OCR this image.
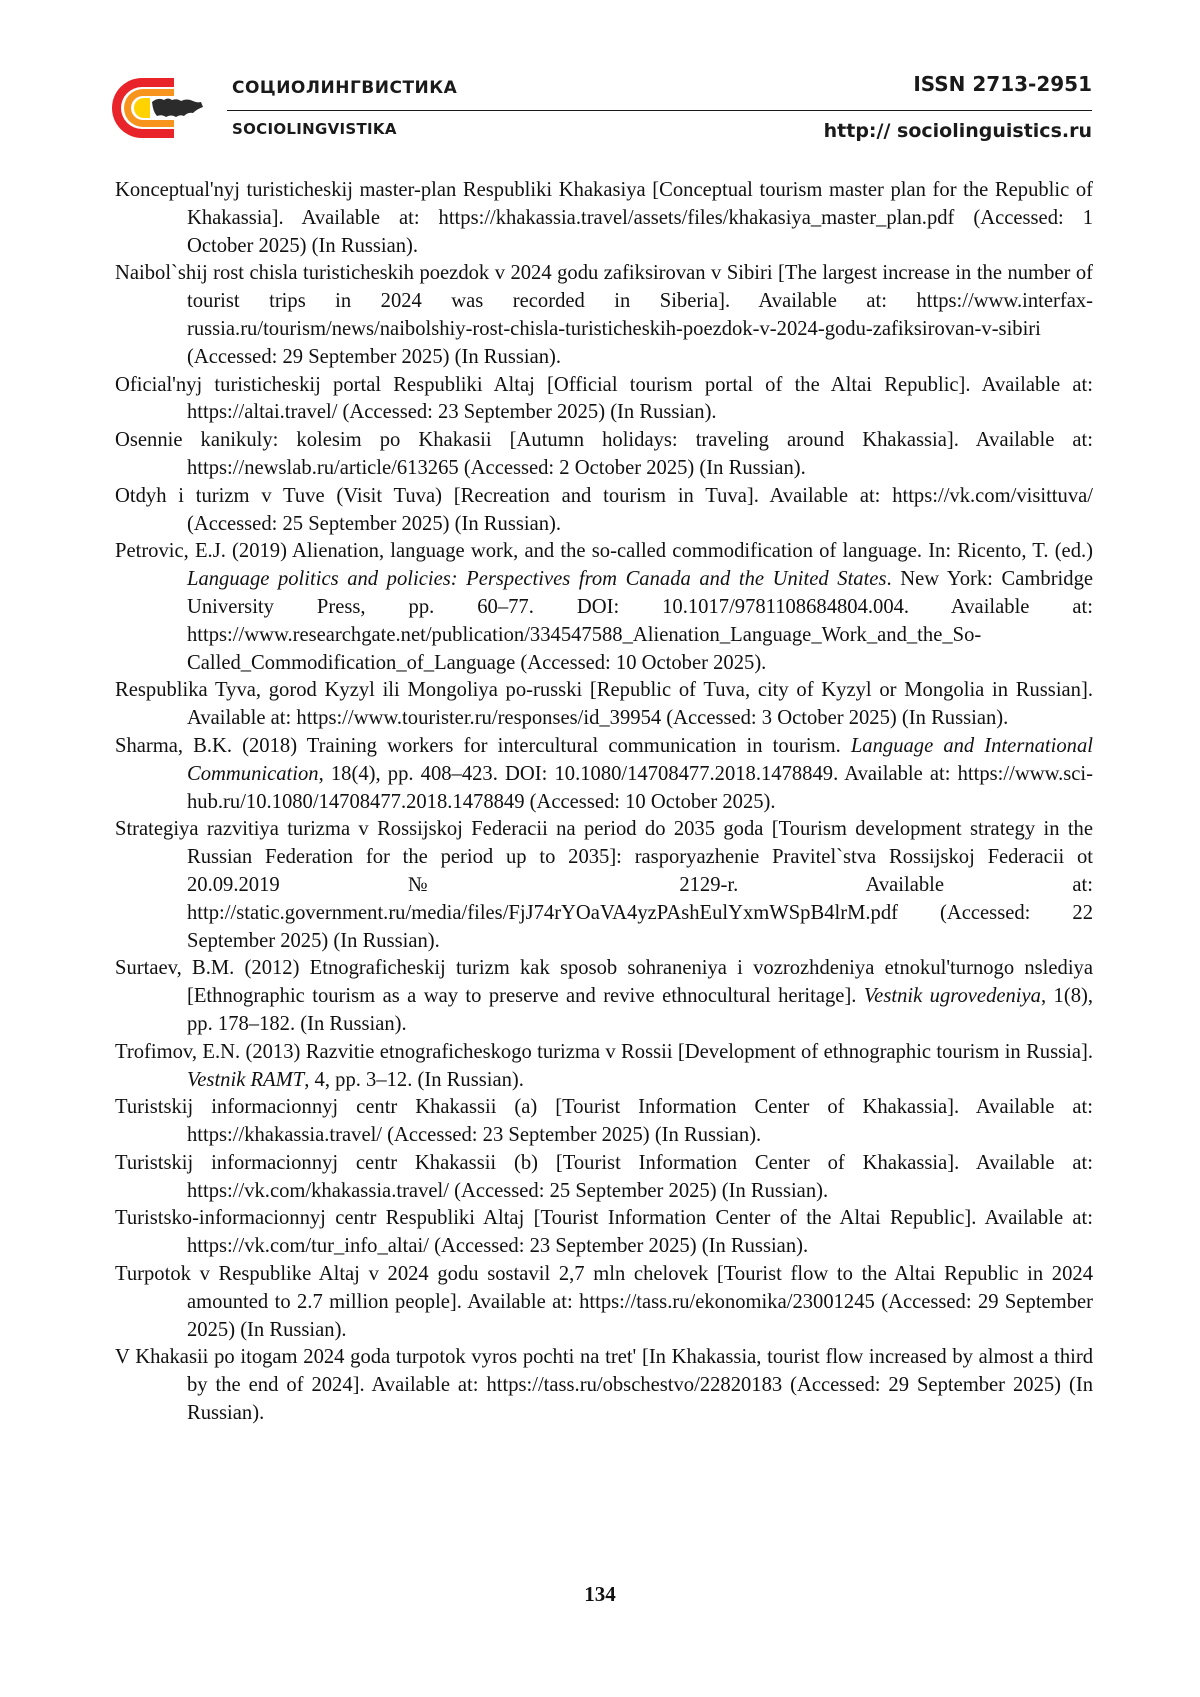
СОЦИОЛИНГВИСТИКА
SOCIOLINGVISTIKA
ISSN 2713-2951
http:// sociolinguistics.ru

Konceptual'nyj turisticheskij master-plan Respubliki Khakasiya [Conceptual tourism master plan for the Republic of Khakassia]. Available at: https://khakassia.travel/assets/files/khakasiya_master_plan.pdf (Accessed: 1 October 2025) (In Russian).

Naibol`shij rost chisla turisticheskih poezdok v 2024 godu zafiksirovan v Sibiri [The largest increase in the number of tourist trips in 2024 was recorded in Siberia]. Available at: https://www.interfax-russia.ru/tourism/news/naibolshiy-rost-chisla-turisticheskih-poezdok-v-2024-godu-zafiksirovan-v-sibiri (Accessed: 29 September 2025) (In Russian).

Oficial'nyj turisticheskij portal Respubliki Altaj [Official tourism portal of the Altai Republic]. Available at: https://altai.travel/ (Accessed: 23 September 2025) (In Russian).

Osennie kanikuly: kolesim po Khakasii [Autumn holidays: traveling around Khakassia]. Available at: https://newslab.ru/article/613265 (Accessed: 2 October 2025) (In Russian).

Otdyh i turizm v Tuve (Visit Tuva) [Recreation and tourism in Tuva]. Available at: https://vk.com/visittuva/ (Accessed: 25 September 2025) (In Russian).

Petrovic, E.J. (2019) Alienation, language work, and the so-called commodification of language. In: Ricento, T. (ed.) Language politics and policies: Perspectives from Canada and the United States. New York: Cambridge University Press, pp. 60–77. DOI: 10.1017/9781108684804.004. Available at: https://www.researchgate.net/publication/334547588_Alienation_Language_Work_and_the_So-Called_Commodification_of_Language (Accessed: 10 October 2025).

Respublika Tyva, gorod Kyzyl ili Mongoliya po-russki [Republic of Tuva, city of Kyzyl or Mongolia in Russian]. Available at: https://www.tourister.ru/responses/id_39954 (Accessed: 3 October 2025) (In Russian).

Sharma, B.K. (2018) Training workers for intercultural communication in tourism. Language and International Communication, 18(4), pp. 408–423. DOI: 10.1080/14708477.2018.1478849. Available at: https://www.sci-hub.ru/10.1080/14708477.2018.1478849 (Accessed: 10 October 2025).

Strategiya razvitiya turizma v Rossijskoj Federacii na period do 2035 goda [Tourism development strategy in the Russian Federation for the period up to 2035]: rasporyazhenie Pravitel`stva Rossijskoj Federacii ot 20.09.2019 № 2129-r. Available at: http://static.government.ru/media/files/FjJ74rYOaVA4yzPAshEulYxmWSpB4lrM.pdf (Accessed: 22 September 2025) (In Russian).

Surtaev, B.M. (2012) Etnograficheskij turizm kak sposob sohraneniya i vozrozhdeniya etnokul'turnogo nslediya [Ethnographic tourism as a way to preserve and revive ethnocultural heritage]. Vestnik ugrovedeniya, 1(8), pp. 178–182. (In Russian).

Trofimov, E.N. (2013) Razvitie etnograficheskogo turizma v Rossii [Development of ethnographic tourism in Russia]. Vestnik RAMT, 4, pp. 3–12. (In Russian).

Turistskij informacionnyj centr Khakassii (a) [Tourist Information Center of Khakassia]. Available at: https://khakassia.travel/ (Accessed: 23 September 2025) (In Russian).

Turistskij informacionnyj centr Khakassii (b) [Tourist Information Center of Khakassia]. Available at: https://vk.com/khakassia.travel/ (Accessed: 25 September 2025) (In Russian).

Turistsko-informacionnyj centr Respubliki Altaj [Tourist Information Center of the Altai Republic]. Available at: https://vk.com/tur_info_altai/ (Accessed: 23 September 2025) (In Russian).

Turpotok v Respublike Altaj v 2024 godu sostavil 2,7 mln chelovek [Tourist flow to the Altai Republic in 2024 amounted to 2.7 million people]. Available at: https://tass.ru/ekonomika/23001245 (Accessed: 29 September 2025) (In Russian).

V Khakasii po itogam 2024 goda turpotok vyros pochti na tret' [In Khakassia, tourist flow increased by almost a third by the end of 2024]. Available at: https://tass.ru/obschestvo/22820183 (Accessed: 29 September 2025) (In Russian).

134
